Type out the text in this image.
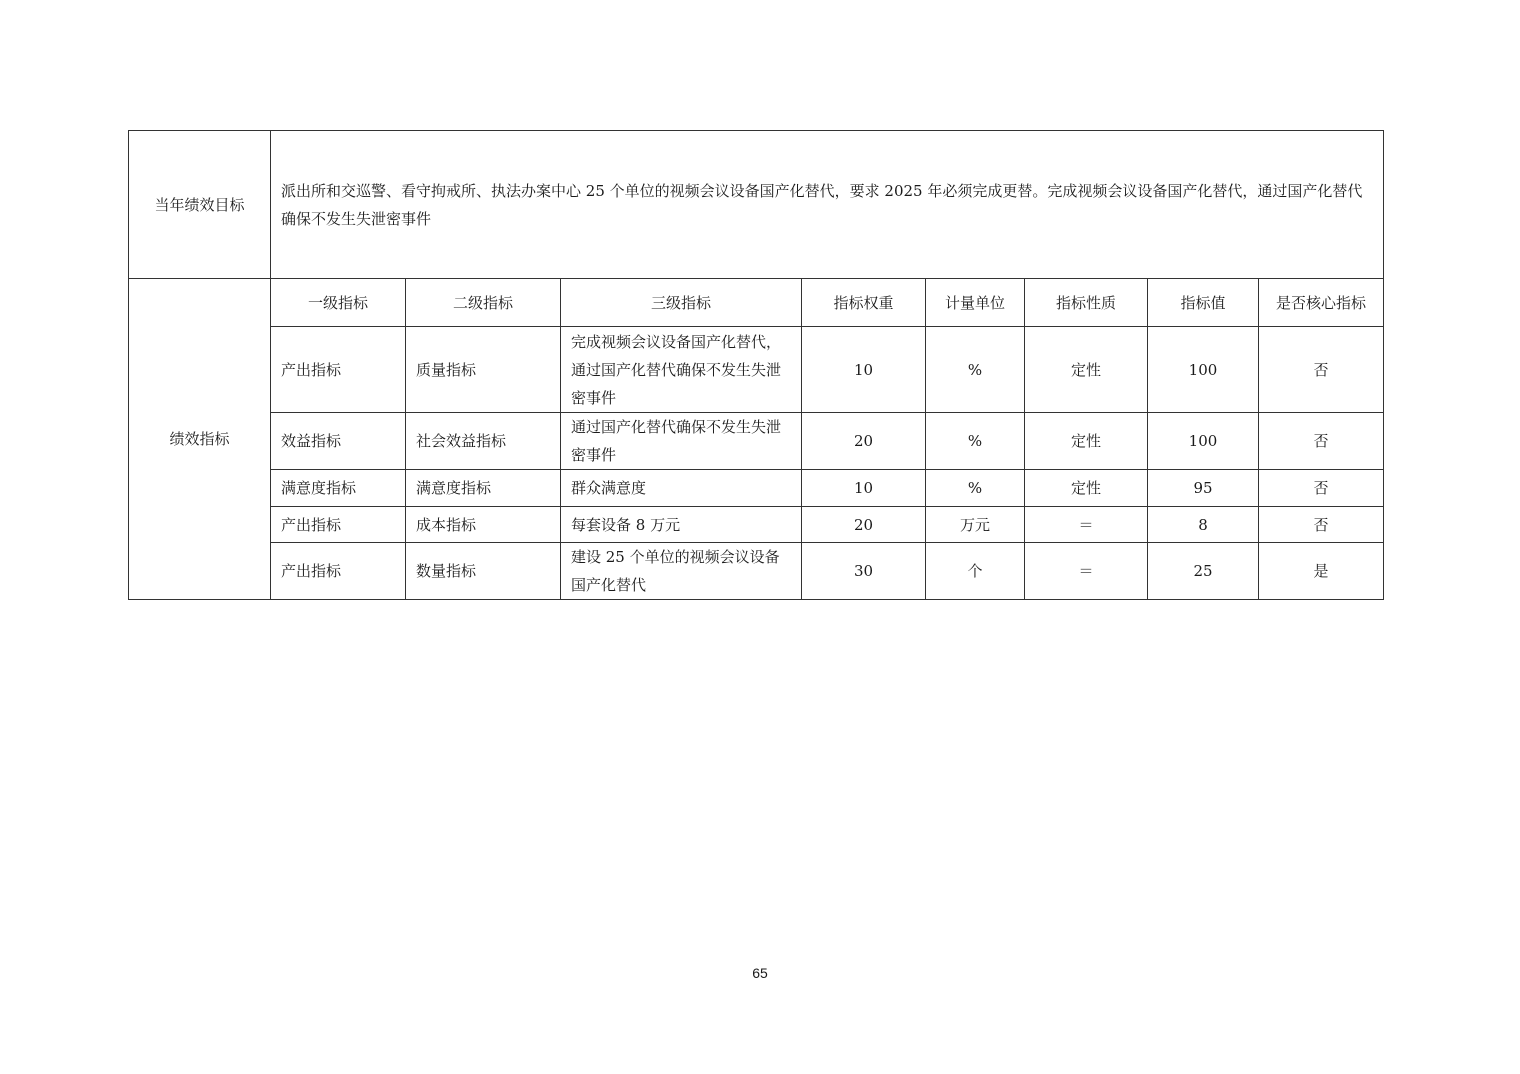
当年绩效目标	派出所和交巡警、看守拘戒所、执法办案中心 25 个单位的视频会议设备国产化替代，要求 2025 年必须完成更替。完成视频会议设备国产化替代，通过国产化替代确保不发生失泄密事件							
绩效指标	一级指标	二级指标	三级指标	指标权重	计量单位	指标性质	指标值	是否核心指标
	产出指标	质量指标	完成视频会议设备国产化替代，通过国产化替代确保不发生失泄密事件	10	%	定性	100	否
	效益指标	社会效益指标	通过国产化替代确保不发生失泄密事件	20	%	定性	100	否
	满意度指标	满意度指标	群众满意度	10	%	定性	95	否
	产出指标	成本指标	每套设备 8 万元	20	万元	＝	8	否
	产出指标	数量指标	建设 25 个单位的视频会议设备国产化替代	30	个	＝	25	是
65
